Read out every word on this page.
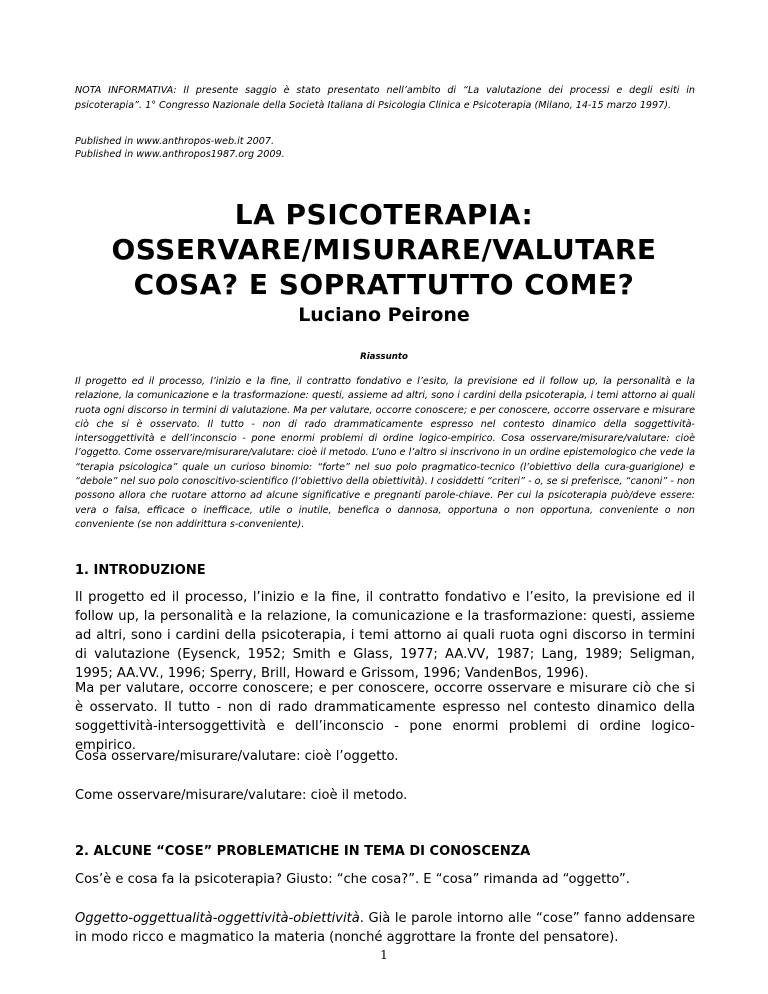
NOTA INFORMATIVA: Il presente saggio è stato presentato nell’ambito di “La valutazione dei processi e degli esiti in psicoterapia”. 1° Congresso Nazionale della Società Italiana di Psicologia Clinica e Psicoterapia (Milano, 14-15 marzo 1997).
Published in www.anthropos-web.it 2007.
Published in www.anthropos1987.org 2009.
LA PSICOTERAPIA:
OSSERVARE/MISURARE/VALUTARE
COSA? E SOPRATTUTTO COME?
Luciano Peirone
Riassunto
Il progetto ed il processo, l’inizio e la fine, il contratto fondativo e l’esito, la previsione ed il follow up, la personalità e la relazione, la comunicazione e la trasformazione: questi, assieme ad altri, sono i cardini della psicoterapia, i temi attorno ai quali ruota ogni discorso in termini di valutazione. Ma per valutare, occorre conoscere; e per conoscere, occorre osservare e misurare ciò che si è osservato. Il tutto - non di rado drammaticamente espresso nel contesto dinamico della soggettività-intersoggettività e dell’inconscio - pone enormi problemi di ordine logico-empirico. Cosa osservare/misurare/valutare: cioè l’oggetto. Come osservare/misurare/valutare: cioè il metodo. L’uno e l’altro si inscrivono in un ordine epistemologico che vede la “terapia psicologica” quale un curioso binomio: “forte” nel suo polo pragmatico-tecnico (l’obiettivo della cura-guarigione) e “debole” nel suo polo conoscitivo-scientifico (l’obiettivo della obiettività). I cosiddetti “criteri” - o, se si preferisce, “canoni” - non possono allora che ruotare attorno ad alcune significative e pregnanti parole-chiave. Per cui la psicoterapia può/deve essere: vera o falsa, efficace o inefficace, utile o inutile, benefica o dannosa, opportuna o non opportuna, conveniente o non conveniente (se non addirittura s-conveniente).
1. INTRODUZIONE
Il progetto ed il processo, l’inizio e la fine, il contratto fondativo e l’esito, la previsione ed il follow up, la personalità e la relazione, la comunicazione e la trasformazione: questi, assieme ad altri, sono i cardini della psicoterapia, i temi attorno ai quali ruota ogni discorso in termini di valutazione (Eysenck, 1952; Smith e Glass, 1977; AA.VV, 1987; Lang, 1989; Seligman, 1995; AA.VV., 1996; Sperry, Brill, Howard e Grissom, 1996; VandenBos, 1996).
Ma per valutare, occorre conoscere; e per conoscere, occorre osservare e misurare ciò che si è osservato. Il tutto - non di rado drammaticamente espresso nel contesto dinamico della soggettività-intersoggettività e dell’inconscio - pone enormi problemi di ordine logico-empirico.
Cosa osservare/misurare/valutare: cioè l’oggetto.
Come osservare/misurare/valutare: cioè il metodo.
2. ALCUNE “COSE” PROBLEMATICHE IN TEMA DI CONOSCENZA
Cos’è e cosa fa la psicoterapia? Giusto: “che cosa?”. E “cosa” rimanda ad “oggetto”.
Oggetto-oggettualità-oggettività-obiettività. Già le parole intorno alle “cose” fanno addensare in modo ricco e magmatico la materia (nonché aggrottare la fronte del pensatore).
1
